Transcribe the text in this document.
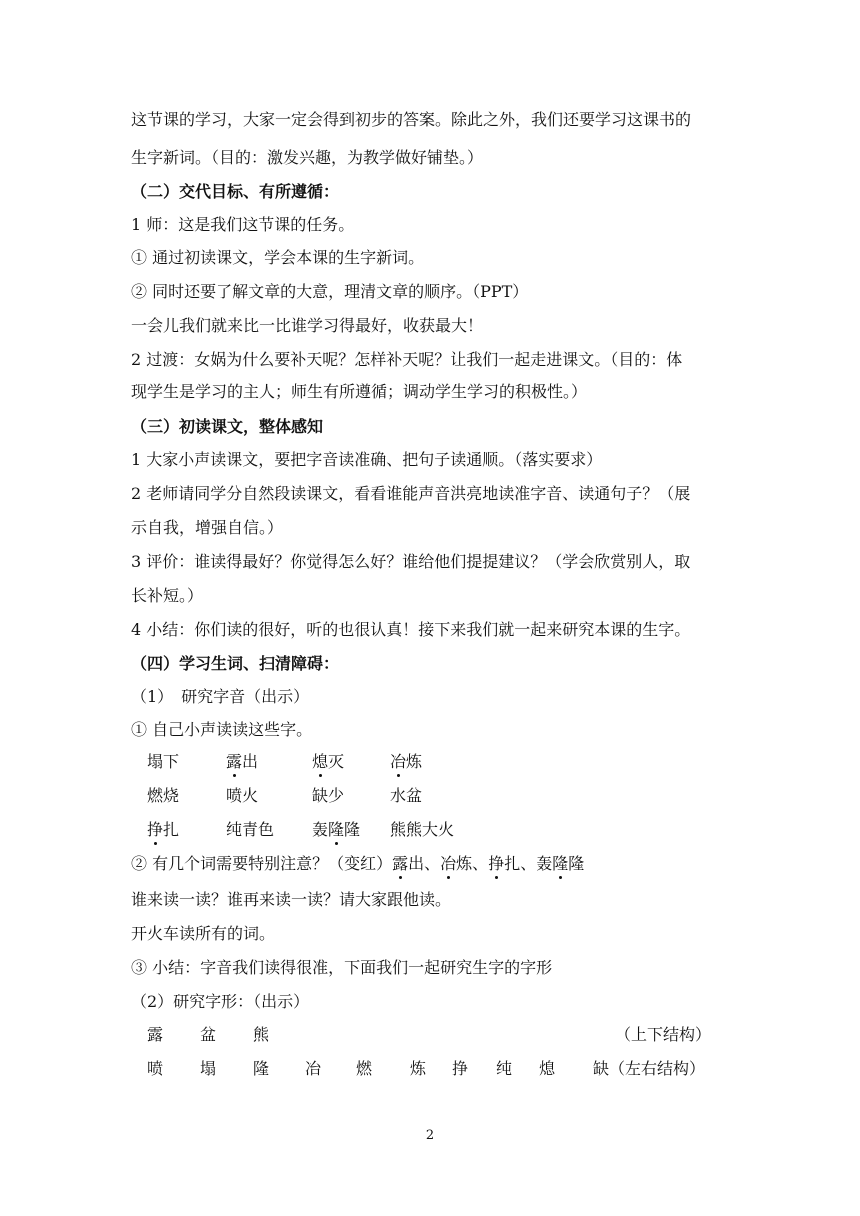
这节课的学习，大家一定会得到初步的答案。除此之外，我们还要学习这课书的
生字新词。（目的：激发兴趣，为教学做好铺垫。）
（二）交代目标、有所遵循：
1 师：这是我们这节课的任务。
① 通过初读课文，学会本课的生字新词。
② 同时还要了解文章的大意，理清文章的顺序。（PPT）
一会儿我们就来比一比谁学习得最好，收获最大！
2 过渡：女娲为什么要补天呢？怎样补天呢？让我们一起走进课文。（目的：体
现学生是学习的主人；师生有所遵循；调动学生学习的积极性。）
（三）初读课文，整体感知
1 大家小声读课文，要把字音读准确、把句子读通顺。（落实要求）
2 老师请同学分自然段读课文，看看谁能声音洪亮地读准字音、读通句子？（展
示自我，增强自信。）
3 评价：谁读得最好？你觉得怎么好？谁给他们提提建议？（学会欣赏别人，取
长补短。）
4 小结：你们读的很好，听的也很认真！接下来我们就一起来研究本课的生字。
（四）学习生词、扫清障碍：
（1）　研究字音（出示）
① 自己小声读读这些字。
塌下	露出	熄灭	冶炼
燃烧	喷火	缺少	水盆
挣扎	纯青色 轰隆隆 熊熊大火
② 有几个词需要特别注意？（变红）露出、冶炼、挣扎、轰隆隆
谁来读一读？谁再来读一读？请大家跟他读。
开火车读所有的词。
③ 小结：字音我们读得很准，下面我们一起研究生字的字形
（2）研究字形：（出示）
露 盆 熊	（上下结构）
喷 塌 隆 冶 燃 炼 挣 纯 熄 缺 （左右结构）
2
